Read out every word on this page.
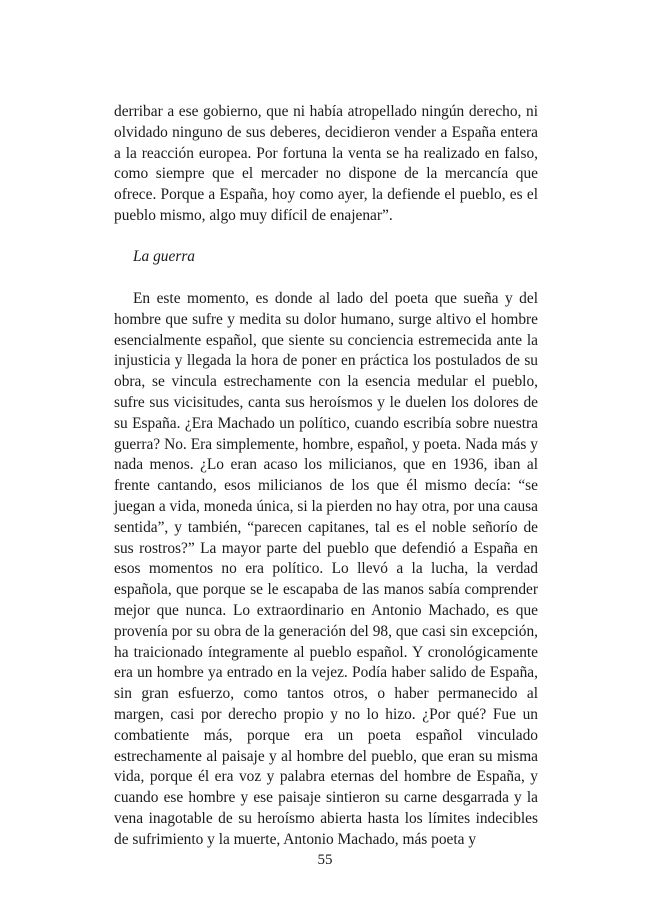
derribar a ese gobierno, que ni había atropellado ningún derecho, ni olvidado ninguno de sus deberes, decidieron vender a España entera a la reacción europea. Por fortuna la venta se ha realizado en falso, como siempre que el mercader no dispone de la mercancía que ofrece. Porque a España, hoy como ayer, la defiende el pueblo, es el pueblo mismo, algo muy difícil de enajenar”.

La guerra

En este momento, es donde al lado del poeta que sueña y del hombre que sufre y medita su dolor humano, surge altivo el hombre esencialmente español, que siente su conciencia estremecida ante la injusticia y llegada la hora de poner en práctica los postulados de su obra, se vincula estrechamente con la esencia medular el pueblo, sufre sus vicisitudes, canta sus heroísmos y le duelen los dolores de su España. ¿Era Machado un político, cuando escribía sobre nuestra guerra? No. Era simplemente, hombre, español, y poeta. Nada más y nada menos. ¿Lo eran acaso los milicianos, que en 1936, iban al frente cantando, esos milicianos de los que él mismo decía: “se juegan a vida, moneda única, si la pierden no hay otra, por una causa sentida”, y también, “parecen capitanes, tal es el noble señorío de sus rostros?” La mayor parte del pueblo que defendió a España en esos momentos no era político. Lo llevó a la lucha, la verdad española, que porque se le escapaba de las manos sabía comprender mejor que nunca. Lo extraordinario en Antonio Machado, es que provenía por su obra de la generación del 98, que casi sin excepción, ha traicionado íntegramente al pueblo español. Y cronológicamente era un hombre ya entrado en la vejez. Podía haber salido de España, sin gran esfuerzo, como tantos otros, o haber permanecido al margen, casi por derecho propio y no lo hizo. ¿Por qué? Fue un combatiente más, porque era un poeta español vinculado estrechamente al paisaje y al hombre del pueblo, que eran su misma vida, porque él era voz y palabra eternas del hombre de España, y cuando ese hombre y ese paisaje sintieron su carne desgarrada y la vena inagotable de su heroísmo abierta hasta los límites indecibles de sufrimiento y la muerte, Antonio Machado, más poeta y

55
